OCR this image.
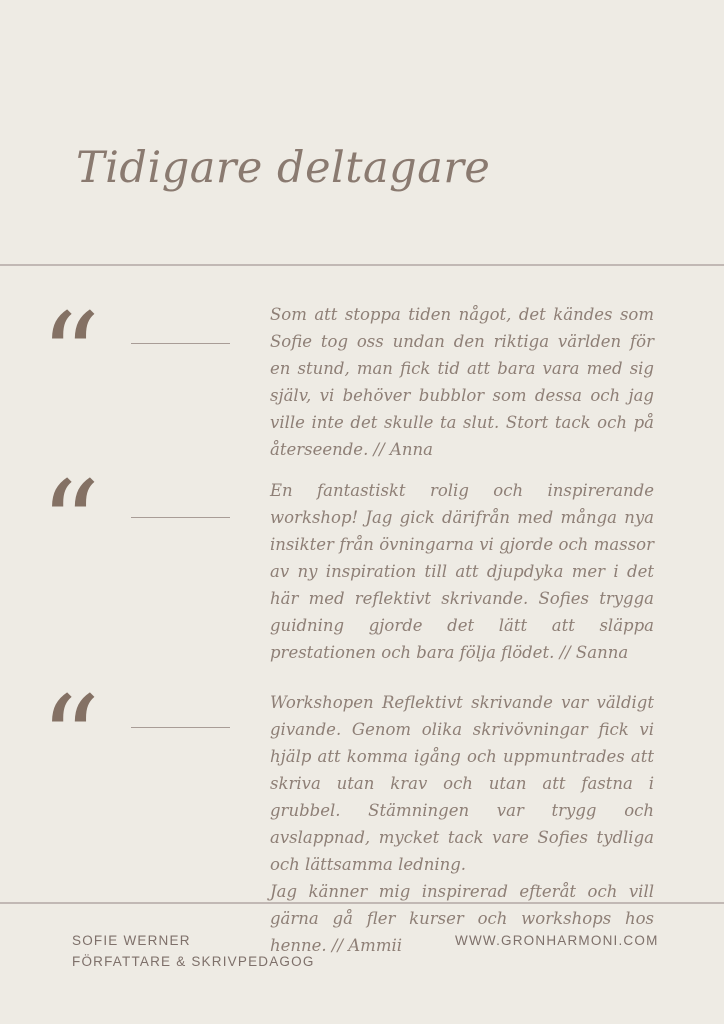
Tidigare deltagare
“	Som att stoppa tiden något, det kändes som Sofie tog oss undan den riktiga världen för en stund, man fick tid att bara vara med sig själv, vi behöver bubblor som dessa och jag ville inte det skulle ta slut. Stort tack och på återseende. // Anna

“	En fantastiskt rolig och inspirerande workshop! Jag gick därifrån med många nya insikter från övningarna vi gjorde och massor av ny inspiration till att djupdyka mer i det här med reflektivt skrivande. Sofies trygga guidning gjorde det lätt att släppa prestationen och bara följa flödet. // Sanna

“	Workshopen Reflektivt skrivande var väldigt givande. Genom olika skrivövningar fick vi hjälp att komma igång och uppmuntrades att skriva utan krav och utan att fastna i grubbel. Stämningen var trygg och avslappnad, mycket tack vare Sofies tydliga och lättsamma ledning.

Jag känner mig inspirerad efteråt och vill gärna gå fler kurser och workshops hos henne. // Ammii

SOFIE WERNER
FÖRFATTARE & SKRIVPEDAGOG
WWW.GRONHARMONI.COM
